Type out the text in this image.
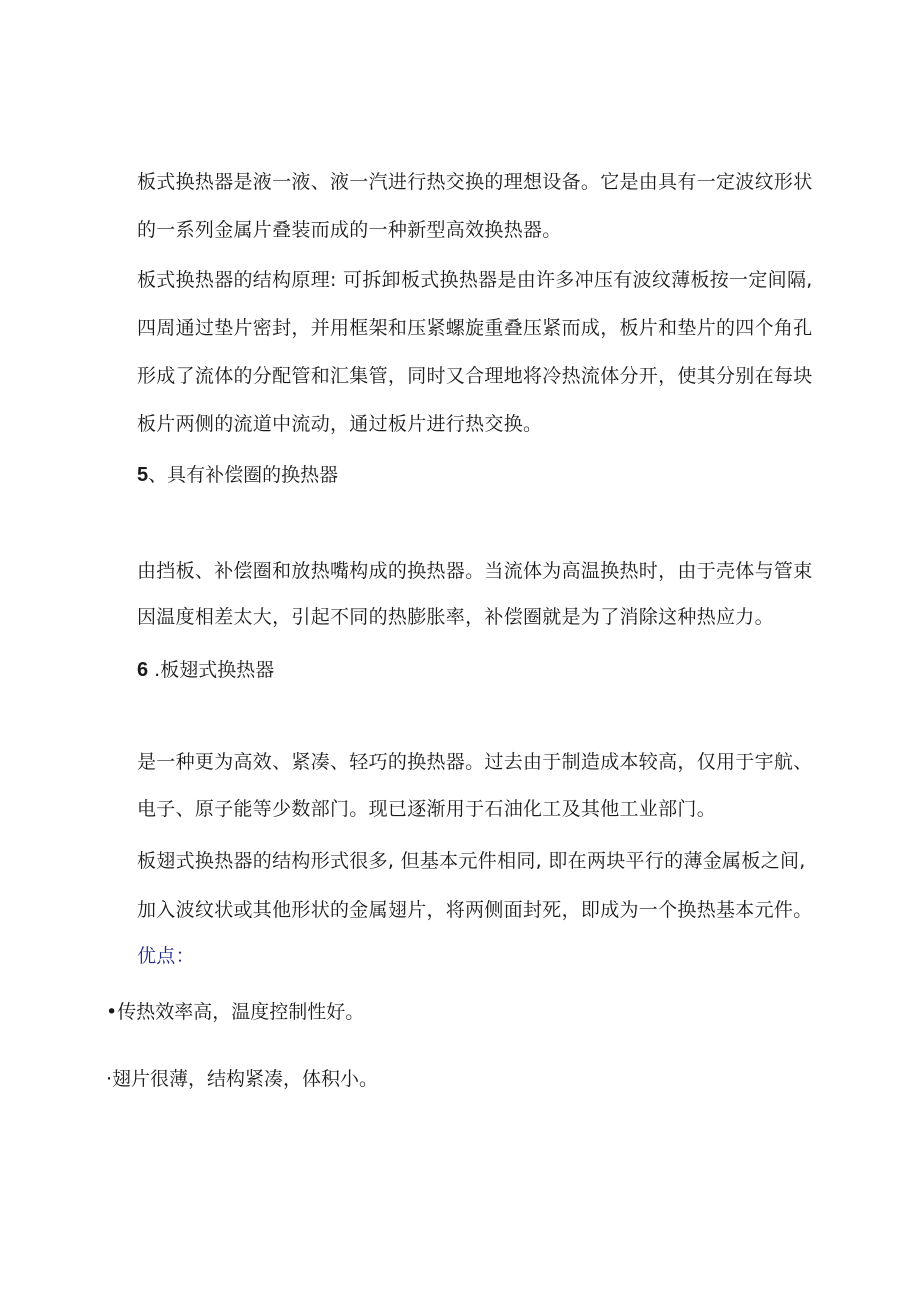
板式换热器是液一液、液一汽进行热交换的理想设备。它是由具有一定波纹形状
的一系列金属片叠装而成的一种新型高效换热器。
板式换热器的结构原理: 可拆卸板式换热器是由许多冲压有波纹薄板按一定间隔,
四周通过垫片密封，并用框架和压紧螺旋重叠压紧而成，板片和垫片的四个角孔
形成了流体的分配管和汇集管，同时又合理地将冷热流体分开，使其分别在每块
板片两侧的流道中流动，通过板片进行热交换。
5、具有补偿圈的换热器
由挡板、补偿圈和放热嘴构成的换热器。当流体为高温换热时，由于壳体与管束
因温度相差太大，引起不同的热膨胀率，补偿圈就是为了消除这种热应力。
6 .板翅式换热器
是一种更为高效、紧凑、轻巧的换热器。过去由于制造成本较高，仅用于宇航、
电子、原子能等少数部门。现已逐渐用于石油化工及其他工业部门。
板翅式换热器的结构形式很多, 但基本元件相同, 即在两块平行的薄金属板之间,
加入波纹状或其他形状的金属翅片，将两侧面封死，即成为一个换热基本元件。
优点：
•传热效率高，温度控制性好。
·翅片很薄，结构紧凑，体积小。
